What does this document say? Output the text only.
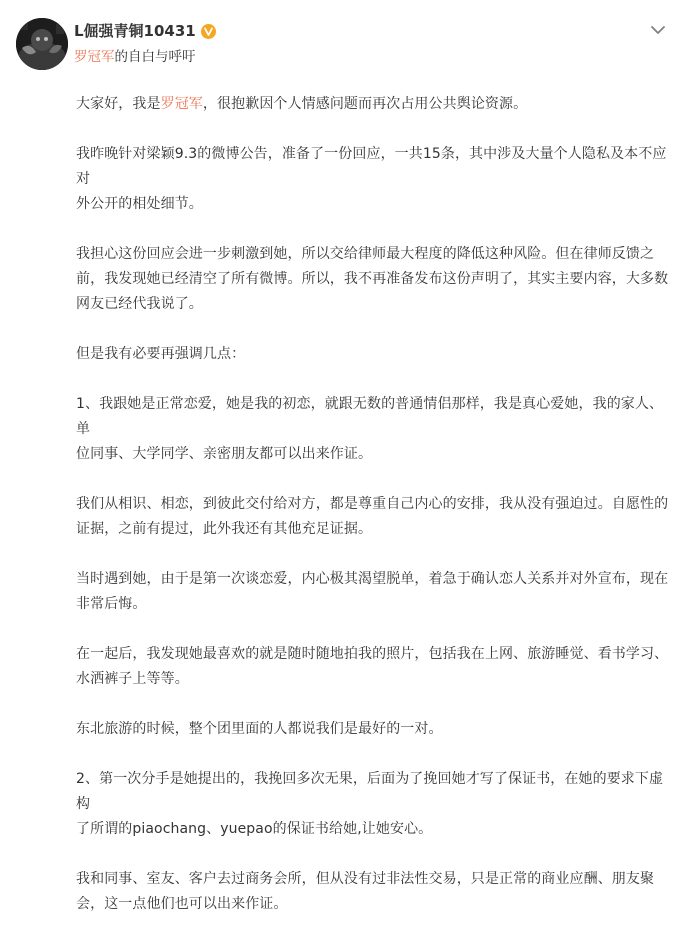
L倔强青铜10431
罗冠军的自白与呼吁

大家好，我是罗冠军，很抱歉因个人情感问题而再次占用公共舆论资源。

我昨晚针对梁颖9.3的微博公告，准备了一份回应，一共15条，其中涉及大量个人隐私及本不应对
外公开的相处细节。

我担心这份回应会进一步刺激到她，所以交给律师最大程度的降低这种风险。但在律师反馈之
前，我发现她已经清空了所有微博。所以，我不再准备发布这份声明了，其实主要内容，大多数
网友已经代我说了。

但是我有必要再强调几点：

1、我跟她是正常恋爱，她是我的初恋，就跟无数的普通情侣那样，我是真心爱她，我的家人、单
位同事、大学同学、亲密朋友都可以出来作证。

我们从相识、相恋，到彼此交付给对方，都是尊重自己内心的安排，我从没有强迫过。自愿性的
证据，之前有提过，此外我还有其他充足证据。

当时遇到她，由于是第一次谈恋爱，内心极其渴望脱单，着急于确认恋人关系并对外宣布，现在
非常后悔。

在一起后，我发现她最喜欢的就是随时随地拍我的照片，包括我在上网、旅游睡觉、看书学习、
水洒裤子上等等。

东北旅游的时候，整个团里面的人都说我们是最好的一对。

2、第一次分手是她提出的，我挽回多次无果，后面为了挽回她才写了保证书，在她的要求下虚构
了所谓的piaochang、yuepao的保证书给她,让她安心。

我和同事、室友、客户去过商务会所，但从没有过非法性交易，只是正常的商业应酬、朋友聚
会，这一点他们也可以出来作证。
